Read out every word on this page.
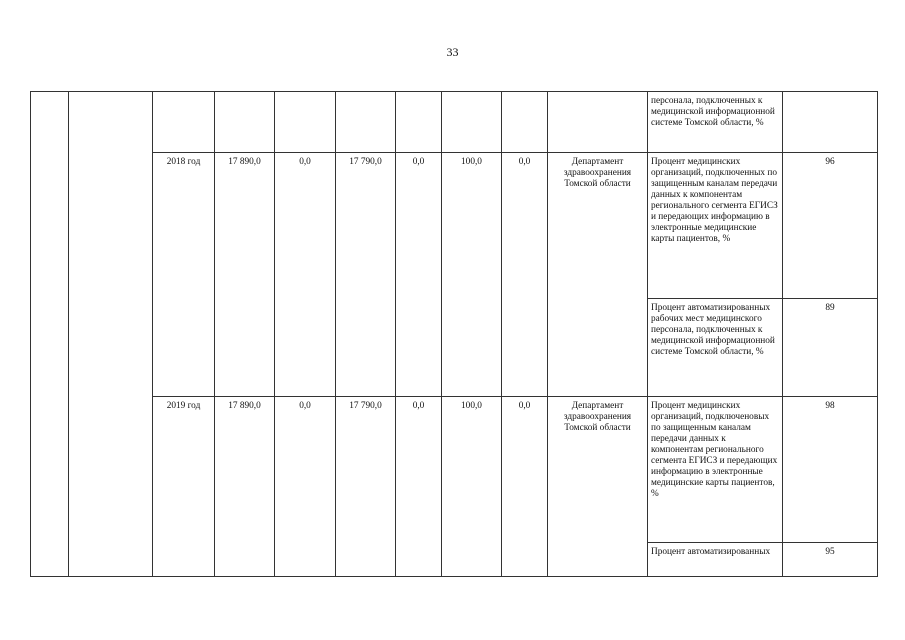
33
										персонала, подключенных к медицинской информационной системе Томской области, %	
		2018 год	17 890,0	0,0	17 790,0	0,0	100,0	0,0	Департамент здравоохранения Томской области	Процент медицинских организаций, подключенных по защищенным каналам передачи данных к компонентам регионального сегмента ЕГИСЗ и передающих информацию в электронные медицинские карты пациентов, %	96
										Процент автоматизированных рабочих мест медицинского персонала, подключенных к медицинской информационной системе Томской области, %	89
		2019 год	17 890,0	0,0	17 790,0	0,0	100,0	0,0	Департамент здравоохранения Томской области	Процент медицинских организаций, подключеновых по защищенным каналам передачи данных к компонентам регионального сегмента ЕГИСЗ и передающих информацию в электронные медицинские карты пациентов, %	98
										Процент автоматизированных	95
